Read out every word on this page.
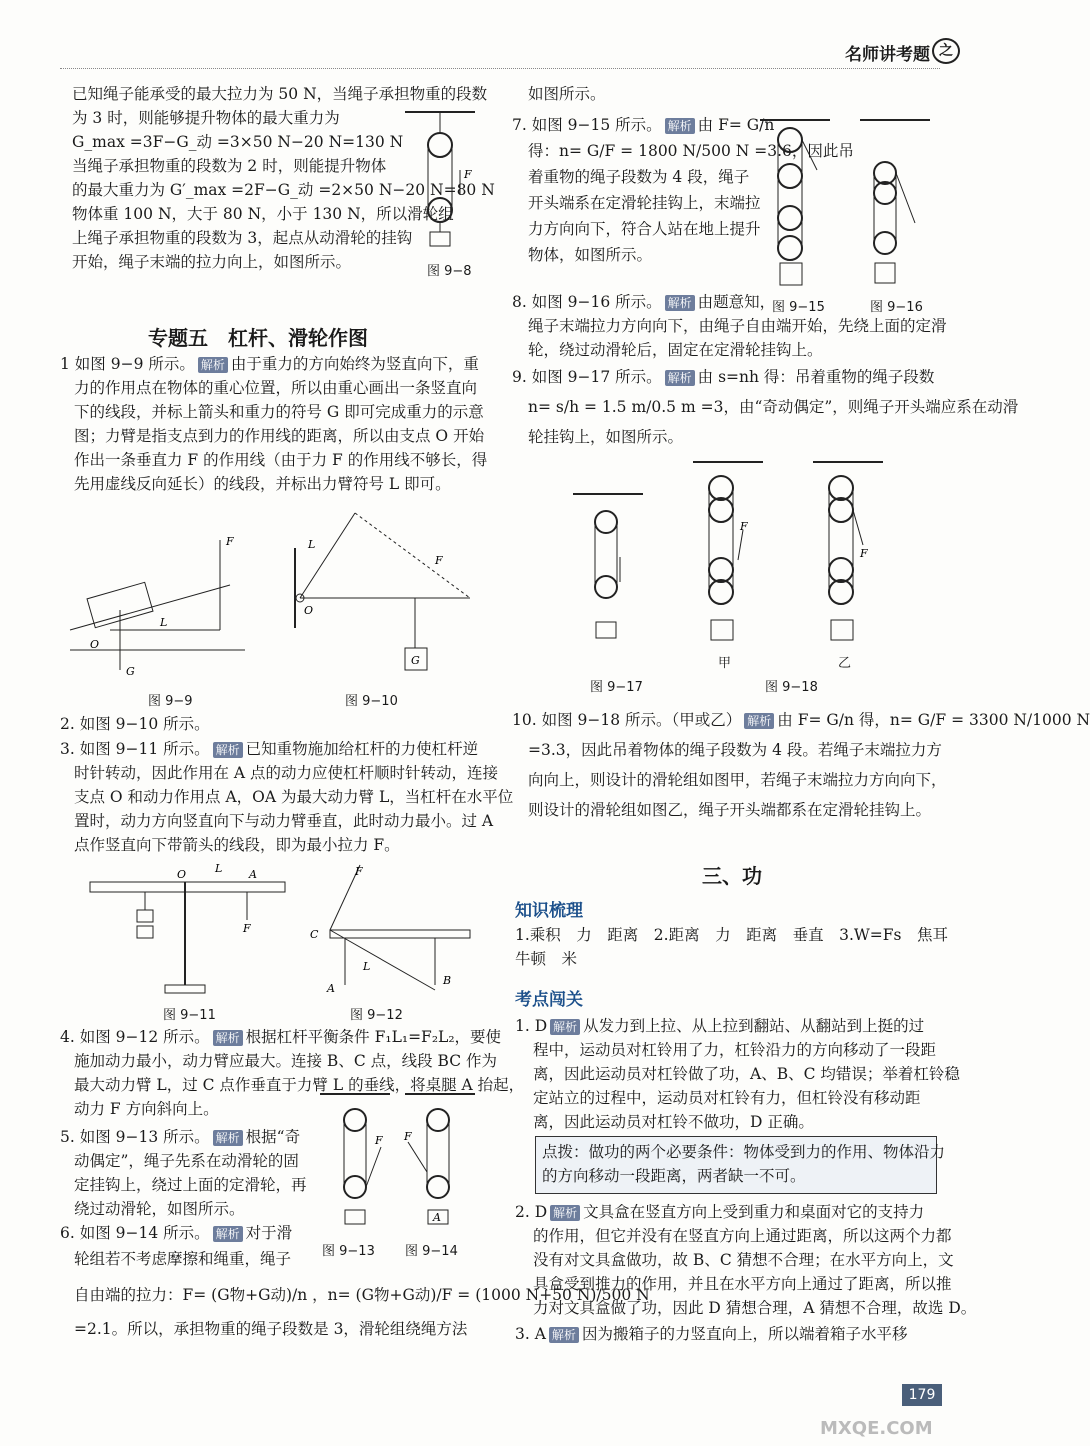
名师讲考题 之
已知绳子能承受的最大拉力为 50 N，当绳子承担物重的段数
为 3 时，则能够提升物体的最大重力为
G_max =3F−G_动 =3×50 N−20 N=130 N
当绳子承担物重的段数为 2 时，则能提升物体
的最大重力为 G′_max =2F−G_动 =2×50 N−20 N=80 N
物体重 100 N，大于 80 N，小于 130 N，所以滑轮组
上绳子承担物重的段数为 3，起点从动滑轮的挂钩
开始，绳子末端的拉力向上，如图所示。
F
图 9−8
专题五　杠杆、滑轮作图
1 如图 9−9 所示。 解析 由于重力的方向始终为竖直向下，重
力的作用点在物体的重心位置，所以由重心画出一条竖直向
下的线段，并标上箭头和重力的符号 G 即可完成重力的示意
图；力臂是指支点到力的作用线的距离，所以由支点 O 开始
作出一条垂直力 F 的作用线（由于力 F 的作用线不够长，得
先用虚线反向延长）的线段，并标出力臂符号 L 即可。
G
F
L
O
图 9−9
G
L
O
F
图 9−10
2. 如图 9−10 所示。
3. 如图 9−11 所示。 解析 已知重物施加给杠杆的力使杠杆逆
时针转动，因此作用在 A 点的动力应使杠杆顺时针转动，连接
支点 O 和动力作用点 A，OA 为最大动力臂 L，当杠杆在水平位
置时，动力方向竖直向下与动力臂垂直，此时动力最小。过 A
点作竖直向下带箭头的线段，即为最小拉力 F。
F
L
O	A
图 9−11
F
C
A
B
L
图 9−12
4. 如图 9−12 所示。 解析 根据杠杆平衡条件 F₁L₁=F₂L₂，要使
施加动力最小，动力臂应最大。连接 B、C 点，线段 BC 作为
最大动力臂 L，过 C 点作垂直于力臂 L 的垂线，将桌腿 A 抬起，
动力 F 方向斜向上。
5. 如图 9−13 所示。 解析 根据“奇
动偶定”，绳子先系在动滑轮的固
定挂钩上，绕过上面的定滑轮，再
绕过动滑轮，如图所示。
F F
A
图 9−13 图 9−14
6. 如图 9−14 所示。 解析 对于滑
轮组若不考虑摩擦和绳重，绳子
自由端的拉力：F= (G物+G动)/n ，n= (G物+G动)/F = (1000 N+50 N)/500 N
=2.1。所以，承担物重的绳子段数是 3，滑轮组绕绳方法
如图所示。
7. 如图 9−15 所示。 解析 由 F= G/n
得：n= G/F = 1800 N/500 N =3.6，因此吊
着重物的绳子段数为 4 段，绳子
开头端系在定滑轮挂钩上，末端拉
力方向向下，符合人站在地上提升
物体，如图所示。
图 9−15	图 9−16
8. 如图 9−16 所示。 解析 由题意知，
绳子末端拉力方向向下，由绳子自由端开始，先绕上面的定滑
轮，绕过动滑轮后，固定在定滑轮挂钩上。
9. 如图 9−17 所示。 解析 由 s=nh 得：吊着重物的绳子段数
n= s/h = 1.5 m/0.5 m =3，由“奇动偶定”，则绳子开头端应系在动滑
轮挂钩上，如图所示。
F
F
甲	乙
图 9−17	图 9−18
10. 如图 9−18 所示。（甲或乙） 解析 由 F= G/n 得，n= G/F = 3300 N/1000 N
=3.3，因此吊着物体的绳子段数为 4 段。若绳子末端拉力方
向向上，则设计的滑轮组如图甲，若绳子末端拉力方向向下，
则设计的滑轮组如图乙，绳子开头端都系在定滑轮挂钩上。
三、功
知识梳理
1.乘积　力　距离　2.距离　力　距离　垂直　3.W=Fs　焦耳
牛顿　米
考点闯关
1. D 解析 从发力到上拉、从上拉到翻站、从翻站到上挺的过
程中，运动员对杠铃用了力，杠铃沿力的方向移动了一段距
离，因此运动员对杠铃做了功，A、B、C 均错误；举着杠铃稳
定站立的过程中，运动员对杠铃有力，但杠铃没有移动距
离，因此运动员对杠铃不做功，D 正确。
点拨：做功的两个必要条件：物体受到力的作用、物体沿力
的方向移动一段距离，两者缺一不可。
2. D 解析 文具盒在竖直方向上受到重力和桌面对它的支持力
的作用，但它并没有在竖直方向上通过距离，所以这两个力都
没有对文具盒做功，故 B、C 猜想不合理；在水平方向上，文
具盒受到推力的作用，并且在水平方向上通过了距离，所以推
力对文具盒做了功，因此 D 猜想合理，A 猜想不合理，故选 D。
3. A 解析 因为搬箱子的力竖直向上，所以端着箱子水平移
179
MXQE.COM
